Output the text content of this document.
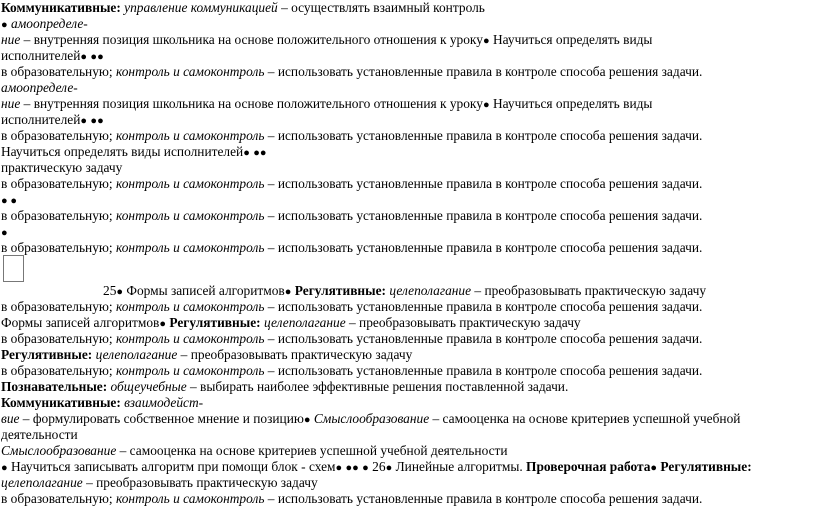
Коммуникативные: управление коммуникацией – осуществлять взаимный контроль
● амоопределе-
ние – внутренняя позиция школьника на основе положительного отношения к уроку● Научиться определять виды
исполнителей● ●●
в образовательную; контроль и самоконтроль – использовать установленные правила в контроле способа решения задачи.
амоопределе-
ние – внутренняя позиция школьника на основе положительного отношения к уроку● Научиться определять виды
исполнителей● ●●
в образовательную; контроль и самоконтроль – использовать установленные правила в контроле способа решения задачи.
Научиться определять виды исполнителей● ●●
практическую задачу
в образовательную; контроль и самоконтроль – использовать установленные правила в контроле способа решения задачи.
● ●
в образовательную; контроль и самоконтроль – использовать установленные правила в контроле способа решения задачи.
●
в образовательную; контроль и самоконтроль – использовать установленные правила в контроле способа решения задачи.
25● Формы записей алгоритмов● Регулятивные: целеполагание – преобразовывать практическую задачу
в образовательную; контроль и самоконтроль – использовать установленные правила в контроле способа решения задачи.
Формы записей алгоритмов● Регулятивные: целеполагание – преобразовывать практическую задачу
в образовательную; контроль и самоконтроль – использовать установленные правила в контроле способа решения задачи.
Регулятивные: целеполагание – преобразовывать практическую задачу
в образовательную; контроль и самоконтроль – использовать установленные правила в контроле способа решения задачи.
Познавательные: общеучебные – выбирать наиболее эффективные решения поставленной задачи.
Коммуникативные: взаимодейст-
вие – формулировать собственное мнение и позицию● Смыслообразование – самооценка на основе критериев успешной учебной
деятельности
Смыслообразование – самооценка на основе критериев успешной учебной деятельности
● Научиться записывать алгоритм при помощи блок - схем● ●● ● 26● Линейные алгоритмы. Проверочная работа● Регулятивные:
целеполагание – преобразовывать практическую задачу
в образовательную; контроль и самоконтроль – использовать установленные правила в контроле способа решения задачи.
